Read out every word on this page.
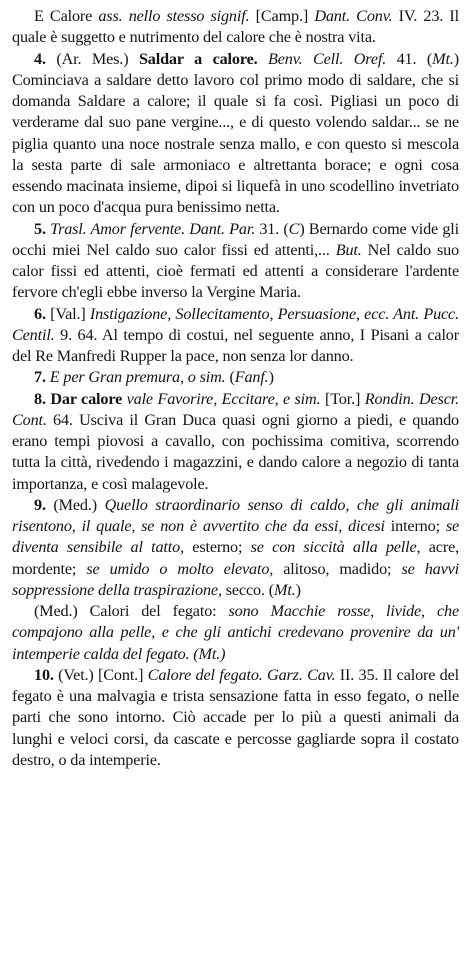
E Calore ass. nello stesso signif. [Camp.] Dant. Conv. IV. 23. Il quale è suggetto e nutrimento del calore che è nostra vita.

4. (Ar. Mes.) Saldar a calore. Benv. Cell. Oref. 41. (Mt.) Cominciava a saldare detto lavoro col primo modo di saldare, che si domanda Saldare a calore; il quale si fa così. Pigliasi un poco di verderame dal suo pane vergine..., e di questo volendo saldar... se ne piglia quanto una noce nostrale senza mallo, e con questo si mescola la sesta parte di sale armoniaco e altrettanta borace; e ogni cosa essendo macinata insieme, dipoi si liquefà in uno scodellino invetriato con un poco d'acqua pura benissimo netta.

5. Trasl. Amor fervente. Dant. Par. 31. (C) Bernardo come vide gli occhi miei Nel caldo suo calor fissi ed attenti,... But. Nel caldo suo calor fissi ed attenti, cioè fermati ed attenti a considerare l'ardente fervore ch'egli ebbe inverso la Vergine Maria.

6. [Val.] Instigazione, Sollecitamento, Persuasione, ecc. Ant. Pucc. Centil. 9. 64. Al tempo di costui, nel seguente anno, I Pisani a calor del Re Manfredi Rupper la pace, non senza lor danno.

7. E per Gran premura, o sim. (Fanf.)

8. Dar calore vale Favorire, Eccitare, e sim. [Tor.] Rondin. Descr. Cont. 64. Usciva il Gran Duca quasi ogni giorno a piedi, e quando erano tempi piovosi a cavallo, con pochissima comitiva, scorrendo tutta la città, rivedendo i magazzini, e dando calore a negozio di tanta importanza, e così malagevole.

9. (Med.) Quello straordinario senso di caldo, che gli animali risentono, il quale, se non è avvertito che da essi, dicesi interno; se diventa sensibile al tatto, esterno; se con siccità alla pelle, acre, mordente; se umido o molto elevato, alitoso, madido; se havvi soppressione della traspirazione, secco. (Mt.)

(Med.) Calori del fegato: sono Macchie rosse, livide, che compajono alla pelle, e che gli antichi credevano provenire da un' intemperie calda del fegato. (Mt.)

10. (Vet.) [Cont.] Calore del fegato. Garz. Cav. II. 35. Il calore del fegato è una malvagia e trista sensazione fatta in esso fegato, o nelle parti che sono intorno. Ciò accade per lo più a questi animali da lunghi e veloci corsi, da cascate e percosse gagliarde sopra il costato destro, o da intemperie.
